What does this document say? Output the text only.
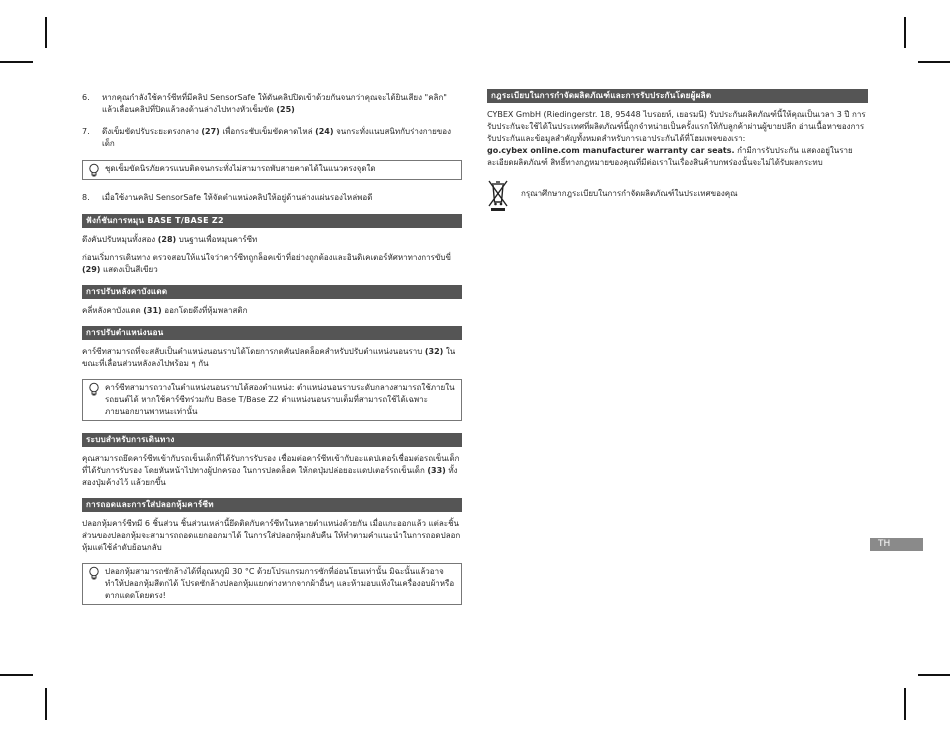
6.	หากคุณกำลังใช้คาร์ซีทที่มีคลิป SensorSafe ให้ดันคลิปปิดเข้าด้วยกันจนกว่าคุณจะได้ยินเสียง "คลิก" แล้วเลื่อนคลิปที่ปิดแล้วลงด้านล่างไปทางหัวเข็มขัด (25)
7.	ดึงเข็มขัดปรับระยะตรงกลาง (27) เพื่อกระชับเข็มขัดคาดไหล่ (24) จนกระทั่งแนบสนิทกับร่างกายของเด็ก
ชุดเข็มขัดนิรภัยควรแนบติดจนกระทั่งไม่สามารถพับสายคาดได้ในแนวตรงจุดใด
8.	เมื่อใช้งานคลิป SensorSafe ให้จัดตำแหน่งคลิปให้อยู่ด้านล่างแผ่นรองไหล่พอดี
ฟังก์ชันการหมุน BASE T/BASE Z2

ดึงคันปรับหมุนทั้งสอง (28) บนฐานเพื่อหมุนคาร์ซีท

ก่อนเริ่มการเดินทาง ตรวจสอบให้แน่ใจว่าคาร์ซีทถูกล็อคเข้าที่อย่างถูกต้องและอินดิเคเตอร์หัศหาทางการขับขี่ (29) แสดงเป็นสีเขียว

การปรับหลังคาบังแดด

คลี่หลังคาบังแดด (31) ออกโดยดึงที่หุ้มพลาสติก

การปรับตำแหน่งนอน

คาร์ซีทสามารถที่จะสลับเป็นตำแหน่งนอนราบได้โดยการกดคันปลดล็อคสำหรับปรับตำแหน่งนอนราบ (32) ในขณะที่เลื่อนส่วนหลังลงไปพร้อม ๆ กัน

คาร์ซีทสามารถวางในตำแหน่งนอนราบได้สองตำแหน่ง: ตำแหน่งนอนราบระดับกลางสามารถใช้ภายในรถยนต์ได้ หากใช้คาร์ซีทร่วมกับ Base T/Base Z2 ตำแหน่งนอนราบเต็มที่สามารถใช้ได้เฉพาะภายนอกยานพาหนะเท่านั้น
ระบบสำหรับการเดินทาง

คุณสามารถยึดคาร์ซีทเข้ากับรถเข็นเด็กที่ได้รับการรับรอง เชื่อมต่อคาร์ซีทเข้ากับอะแดปเตอร์เชื่อมต่อรถเข็นเด็กที่ได้รับการรับรอง โดยหันหน้าไปทางผู้ปกครอง ในการปลดล็อค ให้กดปุ่มปล่อยอะแดปเตอร์รถเข็นเด็ก (33) ทั้งสองปุ่มค้างไว้ แล้วยกขึ้น

การถอดและการใส่ปลอกหุ้มคาร์ซีท

ปลอกหุ้มคาร์ซีทมี 6 ชิ้นส่วน ชิ้นส่วนเหล่านี้ยึดติดกับคาร์ซีทในหลายตำแหน่งด้วยกัน เมื่อแกะออกแล้ว แต่ละชิ้นส่วนของปลอกหุ้มจะสามารถถอดแยกออกมาได้ ในการใส่ปลอกหุ้มกลับคืน ให้ทำตามคำแนะนำในการถอดปลอกหุ้มแต่ใช้ลำดับย้อนกลับ

ปลอกหุ้มสามารถซักล้างได้ที่อุณหภูมิ 30 °C ด้วยโปรแกรมการซักที่อ่อนโยนเท่านั้น มิฉะนั้นแล้วอาจทำให้ปลอกหุ้มสีตกได้ โปรดซักล้างปลอกหุ้มแยกต่างหากจากผ้าอื่นๆ และห้ามอบแห้งในเครื่องอบผ้าหรือตากแดดโดยตรง!
กฎระเบียบในการกำจัดผลิตภัณฑ์และการรับประกันโดยผู้ผลิต

CYBEX GmbH (Riedingerstr. 18, 95448 ไบรอยท์, เยอรมนี) รับประกันผลิตภัณฑ์นี้ให้คุณเป็นเวลา 3 ปี การรับประกันจะใช้ได้ในประเทศที่ผลิตภัณฑ์นี้ถูกจำหน่ายเป็นครั้งแรกให้กับลูกค้าผ่านผู้ขายปลีก อ่านเนื้อหาของการรับประกันและข้อมูลสำคัญทั้งหมดสำหรับการเอาประกันได้ที่โฮมเพจของเรา:

go.cybex online.com manufacturer warranty car seats. กำมีการรับประกัน แสดงอยู่ในรายละเอียดผลิตภัณฑ์ สิทธิ์ทางกฎหมายของคุณที่มีต่อเราในเรื่องสินค้าบกพร่องนั้นจะไม่ได้รับผลกระทบ

กรุณาศึกษากฎระเบียบในการกำจัดผลิตภัณฑ์ในประเทศของคุณ
TH
